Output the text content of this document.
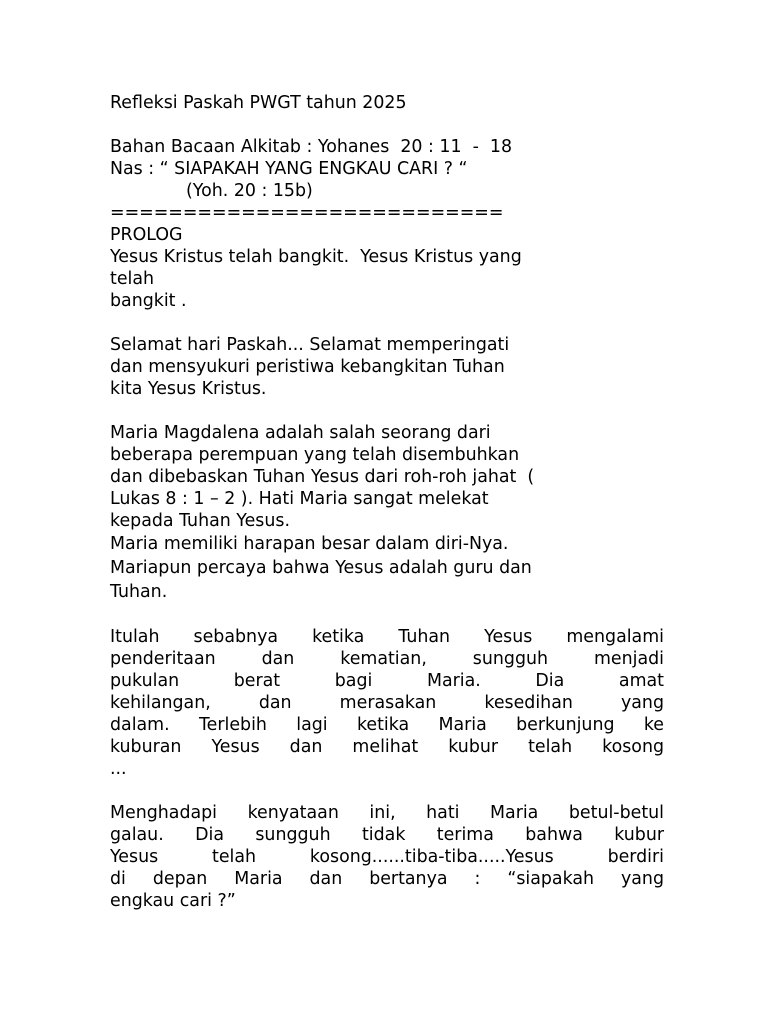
Refleksi Paskah PWGT tahun 2025
Bahan Bacaan Alkitab : Yohanes  20 : 11  -  18
Nas : “ SIAPAKAH YANG ENGKAU CARI ? “
(Yoh. 20 : 15b)
===========================
PROLOG
Yesus Kristus telah bangkit.  Yesus Kristus yang
telah
bangkit .
Selamat hari Paskah... Selamat memperingati
dan mensyukuri peristiwa kebangkitan Tuhan
kita Yesus Kristus.
Maria Magdalena adalah salah seorang dari
beberapa perempuan yang telah disembuhkan
dan dibebaskan Tuhan Yesus dari roh-roh jahat  (
Lukas 8 : 1 – 2 ). Hati Maria sangat melekat
kepada Tuhan Yesus.
Maria memiliki harapan besar dalam diri-Nya.
Mariapun percaya bahwa Yesus adalah guru dan
Tuhan.
Itulah sebabnya ketika Tuhan Yesus mengalami
penderitaan dan kematian, sungguh menjadi
pukulan berat bagi Maria. Dia amat
kehilangan, dan merasakan kesedihan yang
dalam. Terlebih lagi ketika Maria berkunjung ke
kuburan Yesus dan melihat kubur telah kosong
...
Menghadapi kenyataan ini, hati Maria betul-betul
galau. Dia sungguh tidak terima bahwa kubur
Yesus telah kosong......tiba-tiba.....Yesus berdiri
di depan Maria dan bertanya : “siapakah yang
engkau cari ?”
